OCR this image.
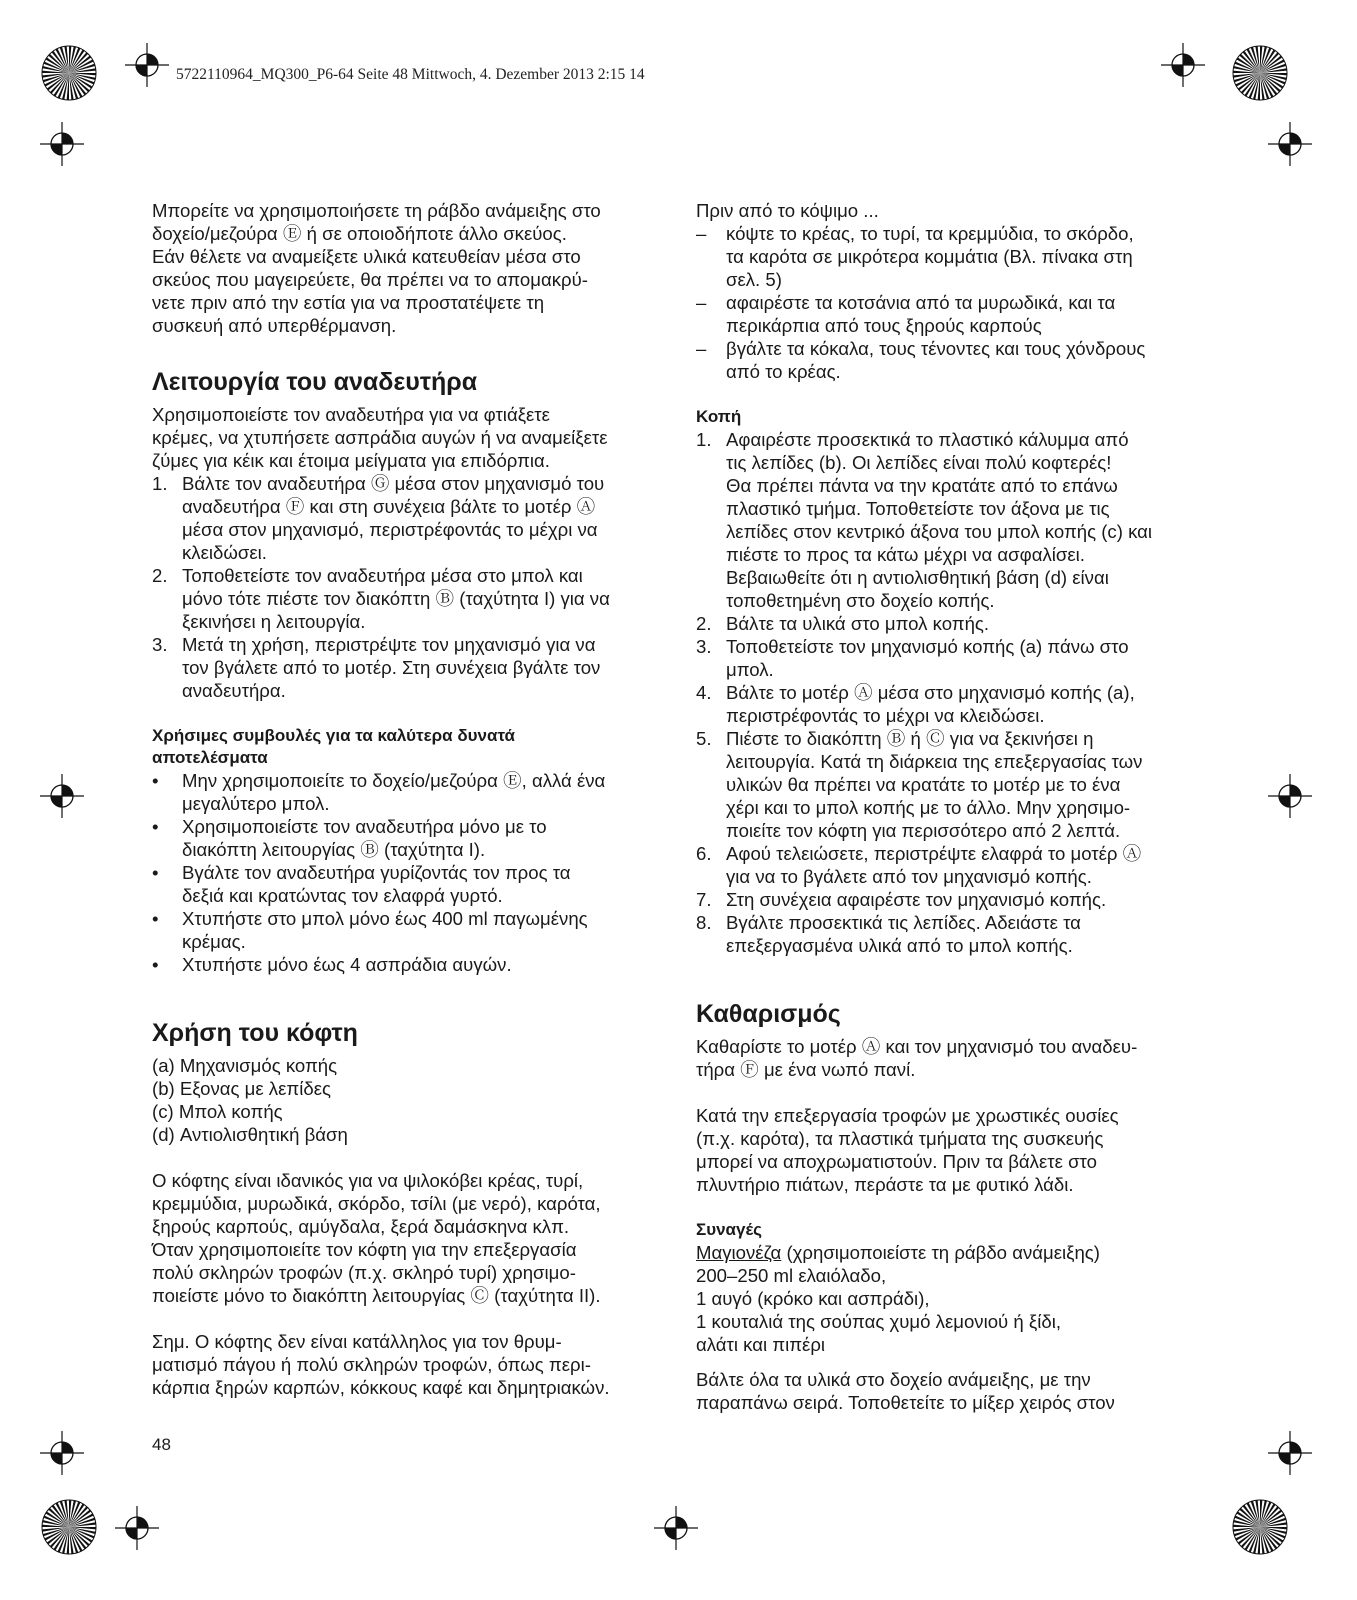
5722110964_MQ300_P6-64 Seite 48 Mittwoch, 4. Dezember 2013 2:15 14

Μπορείτε να χρησιμοποιήσετε τη ράβδο ανάμειξης στο

δοχείο/μεζούρα Ⓔ ή σε οποιοδήποτε άλλο σκεύος.

Εάν θέλετε να αναμείξετε υλικά κατευθείαν μέσα στο

σκεύος που μαγειρεύετε, θα πρέπει να το απομακρύ-

νετε πριν από την εστία για να προστατέψετε τη

συσκευή από υπερθέρμανση.

Λειτουργία του αναδευτήρα

Χρησιμοποιείστε τον αναδευτήρα για να φτιάξετε

κρέμες, να χτυπήσετε ασπράδια αυγών ή να αναμείξετε

ζύμες για κέικ και έτοιμα μείγματα για επιδόρπια.

1. Βάλτε τον αναδευτήρα Ⓖ μέσα στον μηχανισμό του

αναδευτήρα Ⓕ και στη συνέχεια βάλτε το μοτέρ Ⓐ

μέσα στον μηχανισμό, περιστρέφοντάς το μέχρι να

κλειδώσει.

2. Τοποθετείστε τον αναδευτήρα μέσα στο μπολ και

μόνο τότε πιέστε τον διακόπτη Ⓑ (ταχύτητα I) για να

ξεκινήσει η λειτουργία.

3. Μετά τη χρήση, περιστρέψτε τον μηχανισμό για να

τον βγάλετε από το μοτέρ. Στη συνέχεια βγάλτε τον

αναδευτήρα.

Χρήσιμες συμβουλές για τα καλύτερα δυνατά
αποτελέσματα
•	Μην χρησιμοποιείτε το δοχείο/μεζούρα Ⓔ, αλλά ένα

μεγαλύτερο μπολ.

•	Χρησιμοποιείστε τον αναδευτήρα μόνο με το

διακόπτη λειτουργίας Ⓑ (ταχύτητα I).

•	Βγάλτε τον αναδευτήρα γυρίζοντάς τον προς τα

δεξιά και κρατώντας τον ελαφρά γυρτό.

•	Χτυπήστε στο μπολ μόνο έως 400 ml παγωμένης

κρέμας.

•	Χτυπήστε μόνο έως 4 ασπράδια αυγών.

Χρήση του κόφτη

(a) Μηχανισμός κοπής

(b) Εξονας με λεπίδες

(c) Μπολ κοπής

(d) Αντιολισθητική βάση

Ο κόφτης είναι ιδανικός για να ψιλοκόβει κρέας, τυρί,

κρεμμύδια, μυρωδικά, σκόρδο, τσίλι (με νερό), καρότα,

ξηρούς καρπούς, αμύγδαλα, ξερά δαμάσκηνα κλπ.

Όταν χρησιμοποιείτε τον κόφτη για την επεξεργασία

πολύ σκληρών τροφών (π.χ. σκληρό τυρί) χρησιμο-

ποιείστε μόνο το διακόπτη λειτουργίας Ⓒ (ταχύτητα II).

Σημ. Ο κόφτης δεν είναι κατάλληλος για τον θρυμ-

ματισμό πάγου ή πολύ σκληρών τροφών, όπως περι-

κάρπια ξηρών καρπών, κόκκους καφέ και δημητριακών.

Πριν από το κόψιμο ...

–	κόψτε το κρέας, το τυρί, τα κρεμμύδια, το σκόρδο,

τα καρότα σε μικρότερα κομμάτια (Βλ. πίνακα στη

σελ. 5)

–	αφαιρέστε τα κοτσάνια από τα μυρωδικά, και τα

περικάρπια από τους ξηρούς καρπούς

–	βγάλτε τα κόκαλα, τους τένοντες και τους χόνδρους

από το κρέας.

Κοπή
1. Αφαιρέστε προσεκτικά το πλαστικό κάλυμμα από

τις λεπίδες (b). Οι λεπίδες είναι πολύ κοφτερές!

Θα πρέπει πάντα να την κρατάτε από το επάνω

πλαστικό τμήμα. Τοποθετείστε τον άξονα με τις

λεπίδες στον κεντρικό άξονα του μπολ κοπής (c) και

πιέστε το προς τα κάτω μέχρι να ασφαλίσει.

Βεβαιωθείτε ότι η αντιολισθητική βάση (d) είναι

τοποθετημένη στο δοχείο κοπής.

2. Βάλτε τα υλικά στο μπολ κοπής.

3. Τοποθετείστε τον μηχανισμό κοπής (a) πάνω στο

μπολ.

4. Βάλτε το μοτέρ Ⓐ μέσα στο μηχανισμό κοπής (a),

περιστρέφοντάς το μέχρι να κλειδώσει.

5. Πιέστε το διακόπτη Ⓑ ή Ⓒ για να ξεκινήσει η

λειτουργία. Κατά τη διάρκεια της επεξεργασίας των

υλικών θα πρέπει να κρατάτε το μοτέρ με το ένα

χέρι και το μπολ κοπής με το άλλο. Μην χρησιμο-

ποιείτε τον κόφτη για περισσότερο από 2 λεπτά.

6. Αφού τελειώσετε, περιστρέψτε ελαφρά το μοτέρ Ⓐ

για να το βγάλετε από τον μηχανισμό κοπής.

7. Στη συνέχεια αφαιρέστε τον μηχανισμό κοπής.

8. Βγάλτε προσεκτικά τις λεπίδες. Αδειάστε τα

επεξεργασμένα υλικά από το μπολ κοπής.

Καθαρισμός

Καθαρίστε το μοτέρ Ⓐ και τον μηχανισμό του αναδευ-

τήρα Ⓕ με ένα νωπό πανί.

Κατά την επεξεργασία τροφών με χρωστικές ουσίες

(π.χ. καρότα), τα πλαστικά τμήματα της συσκευής

μπορεί να αποχρωματιστούν. Πριν τα βάλετε στο

πλυντήριο πιάτων, περάστε τα με φυτικό λάδι.

Συναγές

Μαγιονέζα (χρησιμοποιείστε τη ράβδο ανάμειξης)

200–250 ml ελαιόλαδο,

1 αυγό (κρόκο και ασπράδι),

1 κουταλιά της σούπας χυμό λεμονιού ή ξίδι,

αλάτι και πιπέρι

Βάλτε όλα τα υλικά στο δοχείο ανάμειξης, με την

παραπάνω σειρά. Τοποθετείτε το μίξερ χειρός στον

48
